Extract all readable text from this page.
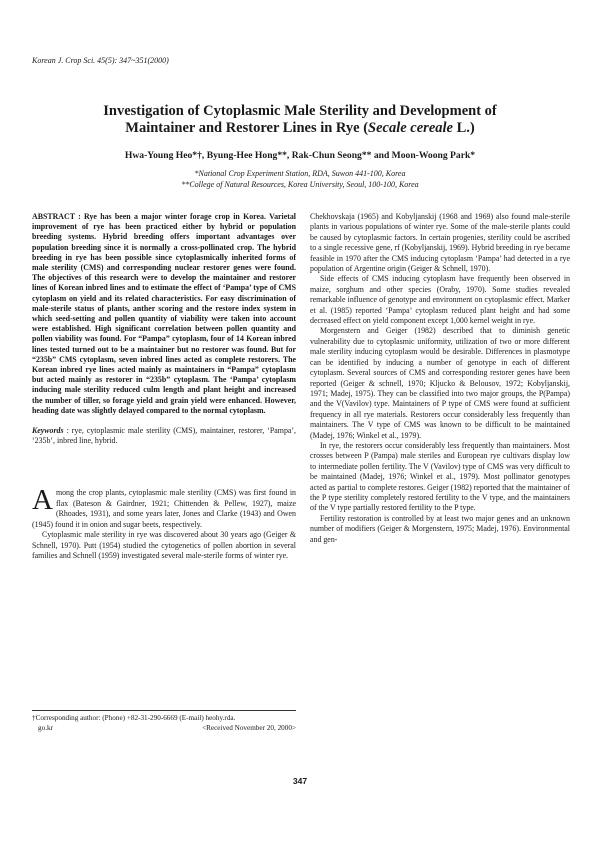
Korean J. Crop Sci. 45(5): 347~351(2000)
Investigation of Cytoplasmic Male Sterility and Development of
Maintainer and Restorer Lines in Rye (Secale cereale L.)
Hwa-Young Heo*†, Byung-Hee Hong**, Rak-Chun Seong** and Moon-Woong Park*
*National Crop Experiment Station, RDA, Suwon 441-100, Korea
**College of Natural Resources, Korea University, Seoul, 100-100, Korea

ABSTRACT : Rye has been a major winter forage crop in Korea. Varietal improvement of rye has been practiced either by hybrid or population breeding systems. Hybrid breeding offers important advantages over population breeding since it is normally a cross-pollinated crop. The hybrid breeding in rye has been possible since cytoplasmically inherited forms of male sterility (CMS) and corresponding nuclear restorer genes were found. The objectives of this research were to develop the maintainer and restorer lines of Korean inbred lines and to estimate the effect of ‘Pampa’ type of CMS cytoplasm on yield and its related characteristics. For easy discrimination of male-sterile status of plants, anther scoring and the restore index system in which seed-setting and pollen quantity of viability were taken into account were established. High significant correlation between pollen quantity and pollen viability was found. For “Pampa” cytoplasm, four of 14 Korean inbred lines tested turned out to be a maintainer but no restorer was found. But for “235b” CMS cytoplasm, seven inbred lines acted as complete restorers. The Korean inbred rye lines acted mainly as maintainers in “Pampa” cytoplasm but acted mainly as restorer in “235b” cytoplasm. The ‘Pampa’ cytoplasm inducing male sterility reduced culm length and plant height and increased the number of tiller, so forage yield and grain yield were enhanced. However, heading date was slightly delayed compared to the normal cytoplasm.

Keywords : rye, cytoplasmic male sterility (CMS), maintainer, restorer, ‘Pampa’, ‘235b’, inbred line, hybrid.

Among the crop plants, cytoplasmic male sterility (CMS) was first found in flax (Bateson & Gairdner, 1921; Chittenden & Pellew, 1927), maize (Rhoades, 1931), and some years later, Jones and Clarke (1943) and Owen (1945) found it in onion and sugar beets, respectively.

Cytoplasmic male sterility in rye was discovered about 30 years ago (Geiger & Schnell, 1970). Putt (1954) studied the cytogenetics of pollen abortion in several families and Schnell (1959) investigated several male-sterile forms of winter rye.

Chekhovskaja (1965) and Kobyljanskij (1968 and 1969) also found male-sterile plants in various populations of winter rye. Some of the male-sterile plants could be caused by cytoplasmic factors. In certain progenies, sterility could be ascribed to a single recessive gene, rf (Kobyljanskij, 1969). Hybrid breeding in rye became feasible in 1970 after the CMS inducing cytoplasm ‘Pampa’ had detected in a rye population of Argentine origin (Geiger & Schnell, 1970).

Side effects of CMS inducing cytoplasm have frequently been observed in maize, sorghum and other species (Oraby, 1970). Some studies revealed remarkable influence of genotype and environment on cytoplasmic effect. Marker et al. (1985) reported ‘Pampa’ cytoplasm reduced plant height and had some decreased effect on yield component except 1,000 kernel weight in rye.

Morgenstern and Geiger (1982) described that to diminish genetic vulnerability due to cytoplasmic uniformity, utilization of two or more different male sterility inducing cytoplasm would be desirable. Differences in plasmotype can be identified by inducing a number of genotype in each of different cytoplasm. Several sources of CMS and corresponding restorer genes have been reported (Geiger & schnell, 1970; Kljucko & Belousov, 1972; Kobyljanskij, 1971; Madej, 1975). They can be classified into two major groups, the P(Pampa) and the V(Vavilov) type. Maintainers of P type of CMS were found at sufficient frequency in all rye materials. Restorers occur considerably less frequently than maintainers. The V type of CMS was known to be difficult to be maintained (Madej, 1976; Winkel et al., 1979).

In rye, the restorers occur considerably less frequently than maintainers. Most crosses between P (Pampa) male steriles and European rye cultivars display low to intermediate pollen fertility. The V (Vavilov) type of CMS was very difficult to be maintained (Madej, 1976; Winkel et al., 1979). Most pollinator genotypes acted as partial to complete restores. Geiger (1982) reported that the maintainer of the P type sterility completely restored fertility to the V type, and the maintainers of the V type partially restored fertility to the P type.

Fertility restoration is controlled by at least two major genes and an unknown number of modifiers (Geiger & Morgenstern, 1975; Madej, 1976). Environmental and gen-

†Corresponding author: (Phone) +82-31-290-6669 (E-mail) heohy.rda.
go.kr	<Received November 20, 2000>
347
